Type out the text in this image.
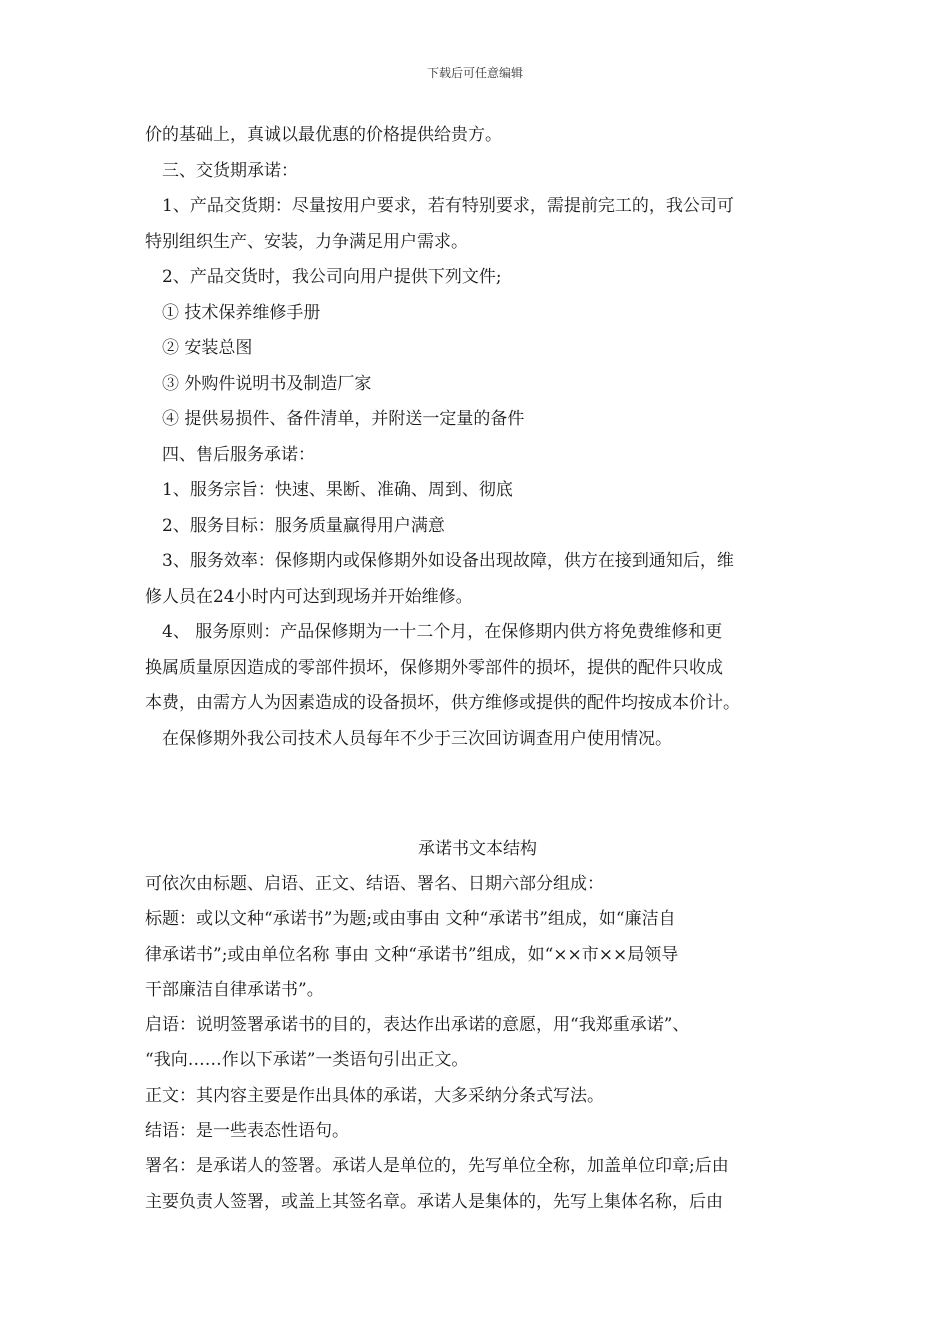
下载后可任意编辑

价的基础上，真诚以最优惠的价格提供给贵方。

三、交货期承诺：

1、产品交货期：尽量按用户要求，若有特别要求，需提前完工的，我公司可

特别组织生产、安装，力争满足用户需求。

2、产品交货时，我公司向用户提供下列文件;

① 技术保养维修手册

② 安装总图

③ 外购件说明书及制造厂家

④ 提供易损件、备件清单，并附送一定量的备件

四、售后服务承诺：

1、服务宗旨：快速、果断、准确、周到、彻底

2、服务目标：服务质量赢得用户满意

3、服务效率：保修期内或保修期外如设备出现故障，供方在接到通知后，维

修人员在24小时内可达到现场并开始维修。

4、 服务原则：产品保修期为一十二个月，在保修期内供方将免费维修和更

换属质量原因造成的零部件损坏，保修期外零部件的损坏，提供的配件只收成

本费，由需方人为因素造成的设备损坏，供方维修或提供的配件均按成本价计。

在保修期外我公司技术人员每年不少于三次回访调查用户使用情况。

承诺书文本结构

可依次由标题、启语、正文、结语、署名、日期六部分组成：

标题：或以文种“承诺书”为题;或由事由 文种“承诺书”组成，如“廉洁自

律承诺书”;或由单位名称 事由 文种“承诺书”组成，如“××市××局领导

干部廉洁自律承诺书”。

启语：说明签署承诺书的目的，表达作出承诺的意愿，用“我郑重承诺”、

“我向……作以下承诺”一类语句引出正文。

正文：其内容主要是作出具体的承诺，大多采纳分条式写法。

结语：是一些表态性语句。

署名：是承诺人的签署。承诺人是单位的，先写单位全称，加盖单位印章;后由

主要负责人签署，或盖上其签名章。承诺人是集体的，先写上集体名称，后由
